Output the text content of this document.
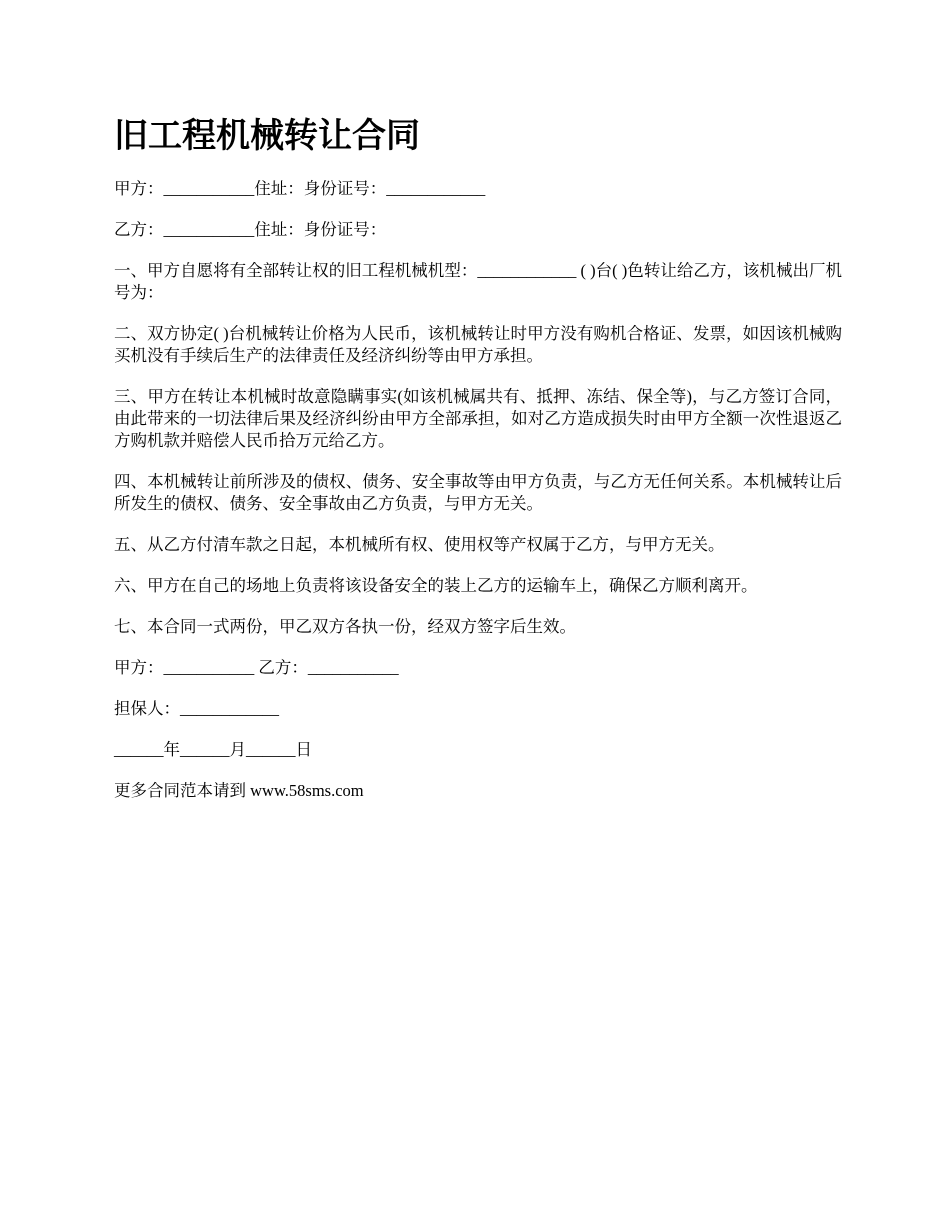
旧工程机械转让合同

甲方：___________住址：身份证号：____________

乙方：___________住址：身份证号：

一、甲方自愿将有全部转让权的旧工程机械机型：____________ ( )台( )色转让给乙方，该机械出厂机号为：

二、双方协定( )台机械转让价格为人民币，该机械转让时甲方没有购机合格证、发票，如因该机械购买机没有手续后生产的法律责任及经济纠纷等由甲方承担。

三、甲方在转让本机械时故意隐瞒事实(如该机械属共有、抵押、冻结、保全等)，与乙方签订合同，由此带来的一切法律后果及经济纠纷由甲方全部承担，如对乙方造成损失时由甲方全额一次性退返乙方购机款并赔偿人民币拾万元给乙方。

四、本机械转让前所涉及的债权、债务、安全事故等由甲方负责，与乙方无任何关系。本机械转让后所发生的债权、债务、安全事故由乙方负责，与甲方无关。

五、从乙方付清车款之日起，本机械所有权、使用权等产权属于乙方，与甲方无关。

六、甲方在自己的场地上负责将该设备安全的装上乙方的运输车上，确保乙方顺利离开。

七、本合同一式两份，甲乙双方各执一份，经双方签字后生效。

甲方：___________ 乙方：___________

担保人：____________

______年______月______日

更多合同范本请到 www.58sms.com
